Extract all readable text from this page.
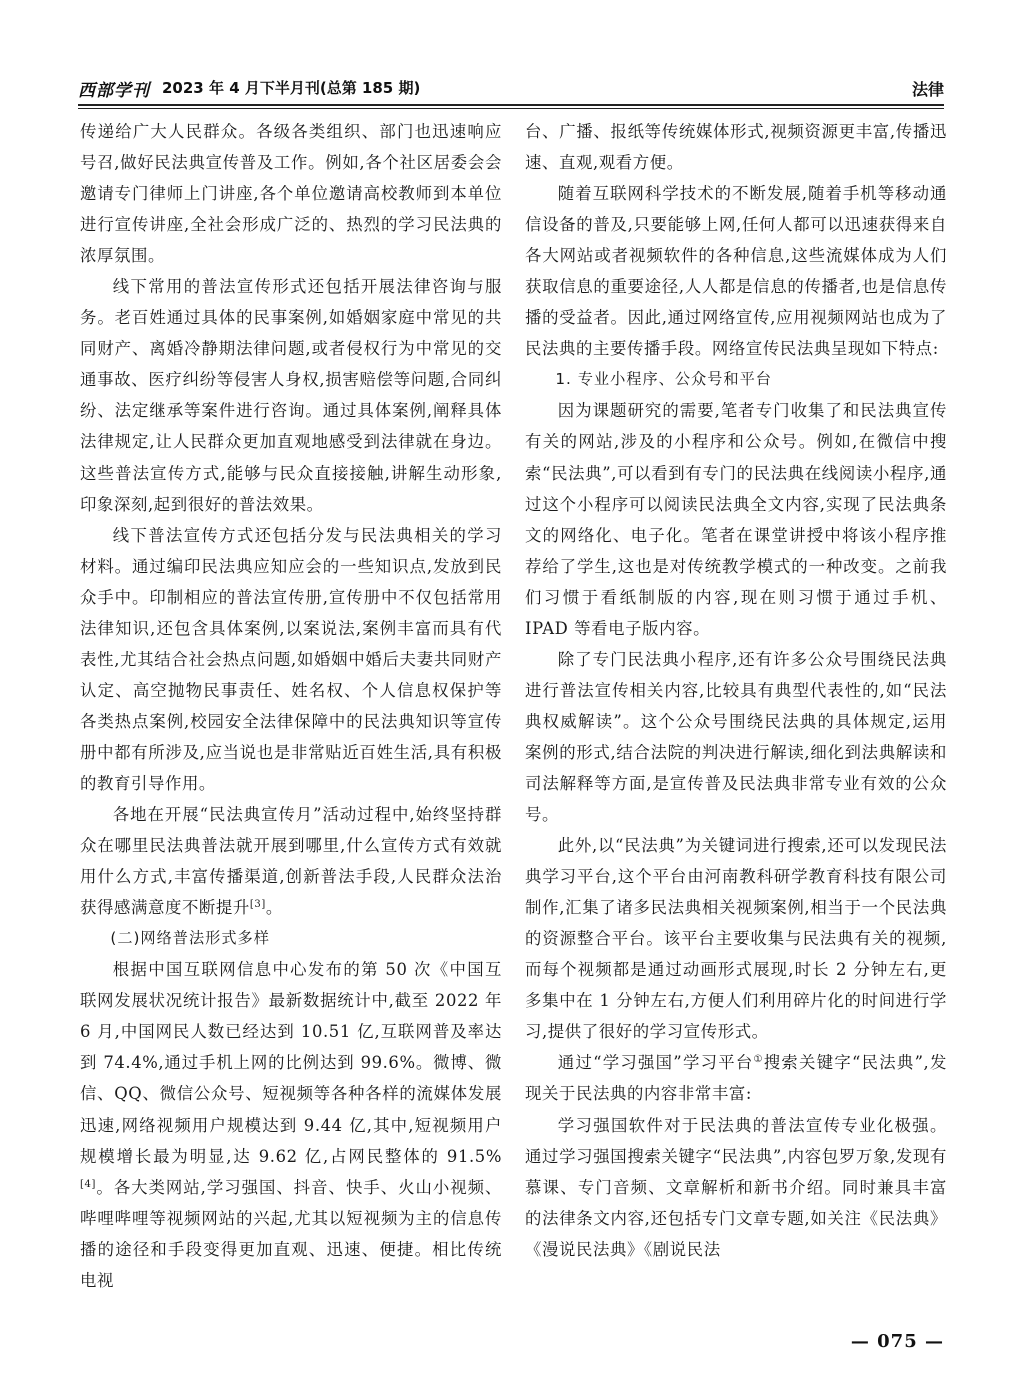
西部学刊 2023 年 4 月下半月刊(总第 185 期)	法律

传递给广大人民群众。各级各类组织、部门也迅速响应号召,做好民法典宣传普及工作。例如,各个社区居委会会邀请专门律师上门讲座,各个单位邀请高校教师到本单位进行宣传讲座,全社会形成广泛的、热烈的学习民法典的浓厚氛围。

线下常用的普法宣传形式还包括开展法律咨询与服务。老百姓通过具体的民事案例,如婚姻家庭中常见的共同财产、离婚冷静期法律问题,或者侵权行为中常见的交通事故、医疗纠纷等侵害人身权,损害赔偿等问题,合同纠纷、法定继承等案件进行咨询。通过具体案例,阐释具体法律规定,让人民群众更加直观地感受到法律就在身边。这些普法宣传方式,能够与民众直接接触,讲解生动形象,印象深刻,起到很好的普法效果。

线下普法宣传方式还包括分发与民法典相关的学习材料。通过编印民法典应知应会的一些知识点,发放到民众手中。印制相应的普法宣传册,宣传册中不仅包括常用法律知识,还包含具体案例,以案说法,案例丰富而具有代表性,尤其结合社会热点问题,如婚姻中婚后夫妻共同财产认定、高空抛物民事责任、姓名权、个人信息权保护等各类热点案例,校园安全法律保障中的民法典知识等宣传册中都有所涉及,应当说也是非常贴近百姓生活,具有积极的教育引导作用。

各地在开展“民法典宣传月”活动过程中,始终坚持群众在哪里民法典普法就开展到哪里,什么宣传方式有效就用什么方式,丰富传播渠道,创新普法手段,人民群众法治获得感满意度不断提升[3]。

(二)网络普法形式多样

根据中国互联网信息中心发布的第 50 次《中国互联网发展状况统计报告》最新数据统计中,截至 2022 年 6 月,中国网民人数已经达到 10.51 亿,互联网普及率达到 74.4%,通过手机上网的比例达到 99.6%。微博、微信、QQ、微信公众号、短视频等各种各样的流媒体发展迅速,网络视频用户规模达到 9.44 亿,其中,短视频用户规模增长最为明显,达 9.62 亿,占网民整体的 91.5%[4]。各大类网站,学习强国、抖音、快手、火山小视频、哔哩哔哩等视频网站的兴起,尤其以短视频为主的信息传播的途径和手段变得更加直观、迅速、便捷。相比传统电视

台、广播、报纸等传统媒体形式,视频资源更丰富,传播迅速、直观,观看方便。

随着互联网科学技术的不断发展,随着手机等移动通信设备的普及,只要能够上网,任何人都可以迅速获得来自各大网站或者视频软件的各种信息,这些流媒体成为人们获取信息的重要途径,人人都是信息的传播者,也是信息传播的受益者。因此,通过网络宣传,应用视频网站也成为了民法典的主要传播手段。网络宣传民法典呈现如下特点:

1. 专业小程序、公众号和平台

因为课题研究的需要,笔者专门收集了和民法典宣传有关的网站,涉及的小程序和公众号。例如,在微信中搜索“民法典”,可以看到有专门的民法典在线阅读小程序,通过这个小程序可以阅读民法典全文内容,实现了民法典条文的网络化、电子化。笔者在课堂讲授中将该小程序推荐给了学生,这也是对传统教学模式的一种改变。之前我们习惯于看纸制版的内容,现在则习惯于通过手机、IPAD 等看电子版内容。

除了专门民法典小程序,还有许多公众号围绕民法典进行普法宣传相关内容,比较具有典型代表性的,如“民法典权威解读”。这个公众号围绕民法典的具体规定,运用案例的形式,结合法院的判决进行解读,细化到法典解读和司法解释等方面,是宣传普及民法典非常专业有效的公众号。

此外,以“民法典”为关键词进行搜索,还可以发现民法典学习平台,这个平台由河南教科研学教育科技有限公司制作,汇集了诸多民法典相关视频案例,相当于一个民法典的资源整合平台。该平台主要收集与民法典有关的视频,而每个视频都是通过动画形式展现,时长 2 分钟左右,更多集中在 1 分钟左右,方便人们利用碎片化的时间进行学习,提供了很好的学习宣传形式。

通过“学习强国”学习平台①搜索关键字“民法典”,发现关于民法典的内容非常丰富:

学习强国软件对于民法典的普法宣传专业化极强。通过学习强国搜索关键字“民法典”,内容包罗万象,发现有慕课、专门音频、文章解析和新书介绍。同时兼具丰富的法律条文内容,还包括专门文章专题,如关注《民法典》《漫说民法典》《剧说民法

— 075 —
